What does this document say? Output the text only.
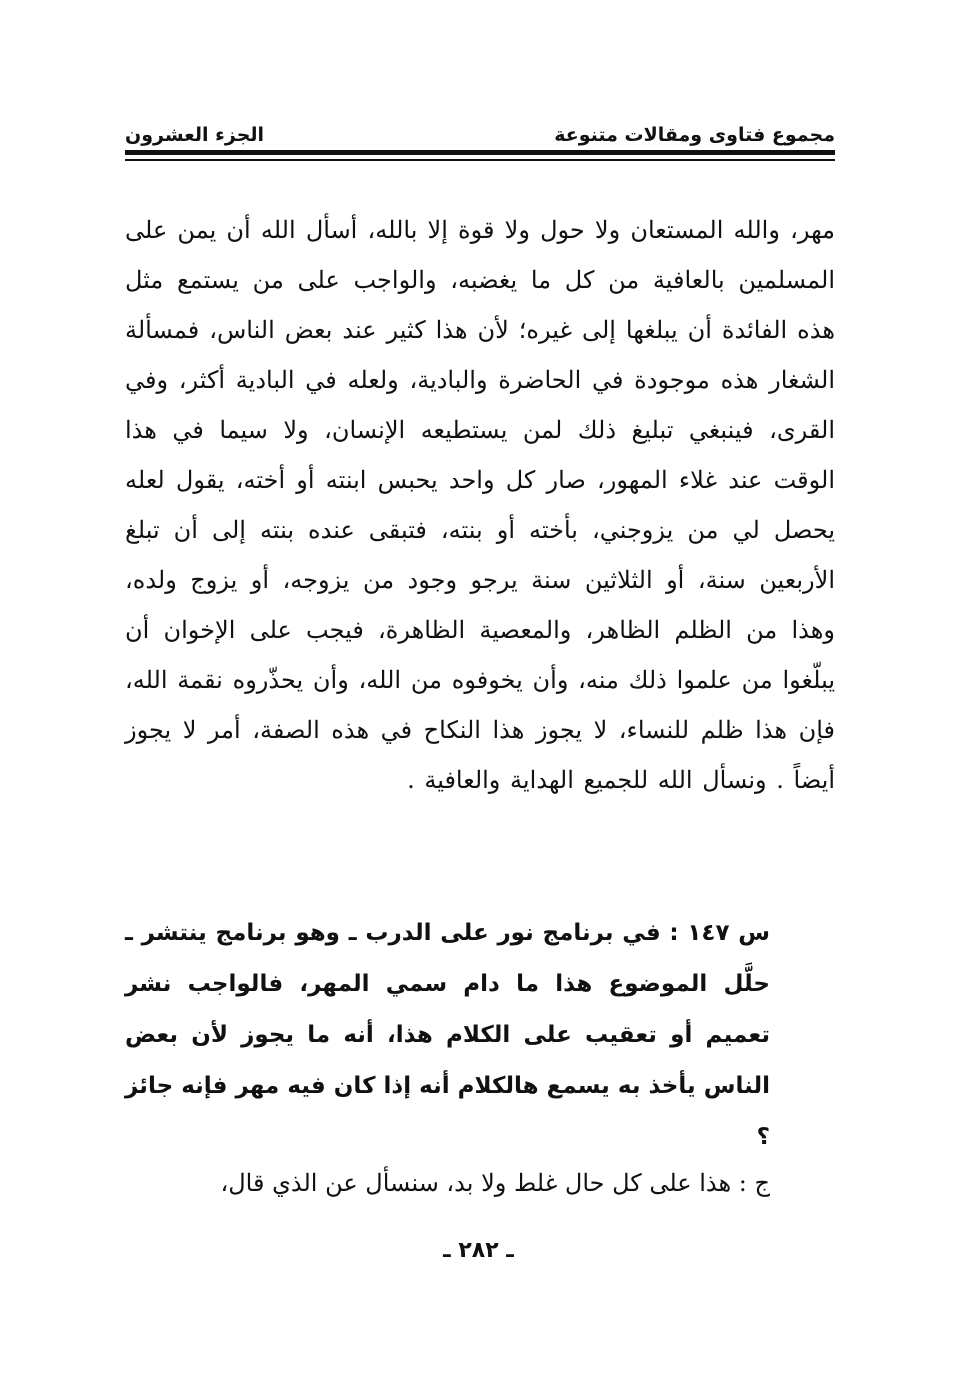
مجموع فتاوى ومقالات متنوعة
الجزء العشرون
مهر، والله المستعان ولا حول ولا قوة إلا بالله، أسأل الله أن يمن على المسلمين بالعافية من كل ما يغضبه، والواجب على من يستمع مثل هذه الفائدة أن يبلغها إلى غيره؛ لأن هذا كثير عند بعض الناس، فمسألة الشغار هذه موجودة في الحاضرة والبادية، ولعله في البادية أكثر، وفي القرى، فينبغي تبليغ ذلك لمن يستطيعه الإنسان، ولا سيما في هذا الوقت عند غلاء المهور، صار كل واحد يحبس ابنته أو أخته، يقول لعله يحصل لي من يزوجني، بأخته أو بنته، فتبقى عنده بنته إلى أن تبلغ الأربعين سنة، أو الثلاثين سنة يرجو وجود من يزوجه، أو يزوج ولده، وهذا من الظلم الظاهر، والمعصية الظاهرة، فيجب على الإخوان أن يبلّغوا من علموا ذلك منه، وأن يخوفوه من الله، وأن يحذّروه نقمة الله، فإن هذا ظلم للنساء، لا يجوز هذا النكاح في هذه الصفة، أمر لا يجوز أيضاً . ونسأل الله للجميع الهداية والعافية .
س ١٤٧ : في برنامج نور على الدرب ـ وهو برنامج ينتشر ـ حلَّل الموضوع هذا ما دام سمي المهر، فالواجب نشر تعميم أو تعقيب على الكلام هذا، أنه ما يجوز لأن بعض الناس يأخذ به يسمع هالكلام أنه إذا كان فيه مهر فإنه جائز ؟
ج : هذا على كل حال غلط ولا بد، سنسأل عن الذي قال،
ـ ٢٨٢ ـ
